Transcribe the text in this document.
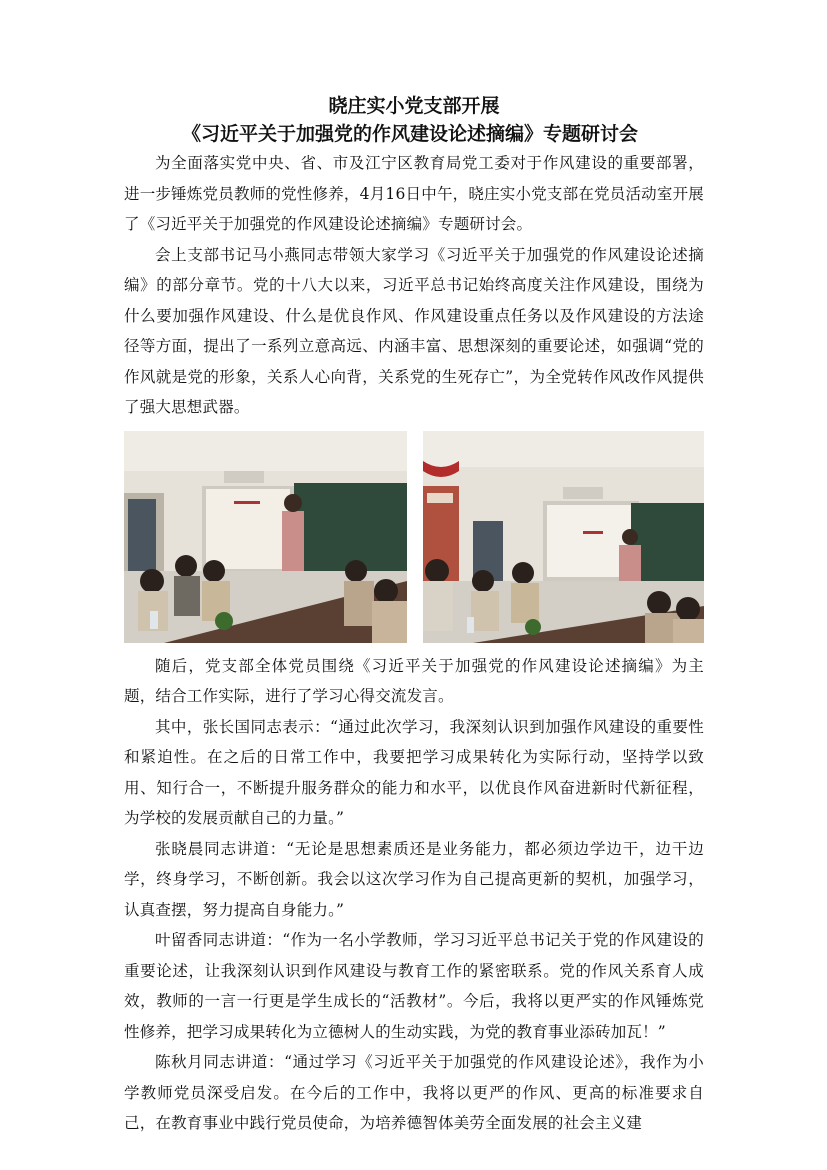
晓庄实小党支部开展
《习近平关于加强党的作风建设论述摘编》专题研讨会

为全面落实党中央、省、市及江宁区教育局党工委对于作风建设的重要部署，进一步锤炼党员教师的党性修养，4月16日中午，晓庄实小党支部在党员活动室开展了《习近平关于加强党的作风建设论述摘编》专题研讨会。

会上支部书记马小燕同志带领大家学习《习近平关于加强党的作风建设论述摘编》的部分章节。党的十八大以来，习近平总书记始终高度关注作风建设，围绕为什么要加强作风建设、什么是优良作风、作风建设重点任务以及作风建设的方法途径等方面，提出了一系列立意高远、内涵丰富、思想深刻的重要论述，如强调“党的作风就是党的形象，关系人心向背，关系党的生死存亡”，为全党转作风改作风提供了强大思想武器。

随后，党支部全体党员围绕《习近平关于加强党的作风建设论述摘编》为主题，结合工作实际，进行了学习心得交流发言。

其中，张长国同志表示：“通过此次学习，我深刻认识到加强作风建设的重要性和紧迫性。在之后的日常工作中，我要把学习成果转化为实际行动，坚持学以致用、知行合一，不断提升服务群众的能力和水平，以优良作风奋进新时代新征程，为学校的发展贡献自己的力量。”

张晓晨同志讲道：“无论是思想素质还是业务能力，都必须边学边干，边干边学，终身学习，不断创新。我会以这次学习作为自己提高更新的契机，加强学习，认真查摆，努力提高自身能力。”

叶留香同志讲道：“作为一名小学教师，学习习近平总书记关于党的作风建设的重要论述，让我深刻认识到作风建设与教育工作的紧密联系。党的作风关系育人成效，教师的一言一行更是学生成长的“活教材”。今后，我将以更严实的作风锤炼党性修养，把学习成果转化为立德树人的生动实践，为党的教育事业添砖加瓦！”

陈秋月同志讲道：“通过学习《习近平关于加强党的作风建设论述》，我作为小学教师党员深受启发。在今后的工作中，我将以更严的作风、更高的标准要求自己，在教育事业中践行党员使命，为培养德智体美劳全面发展的社会主义建
